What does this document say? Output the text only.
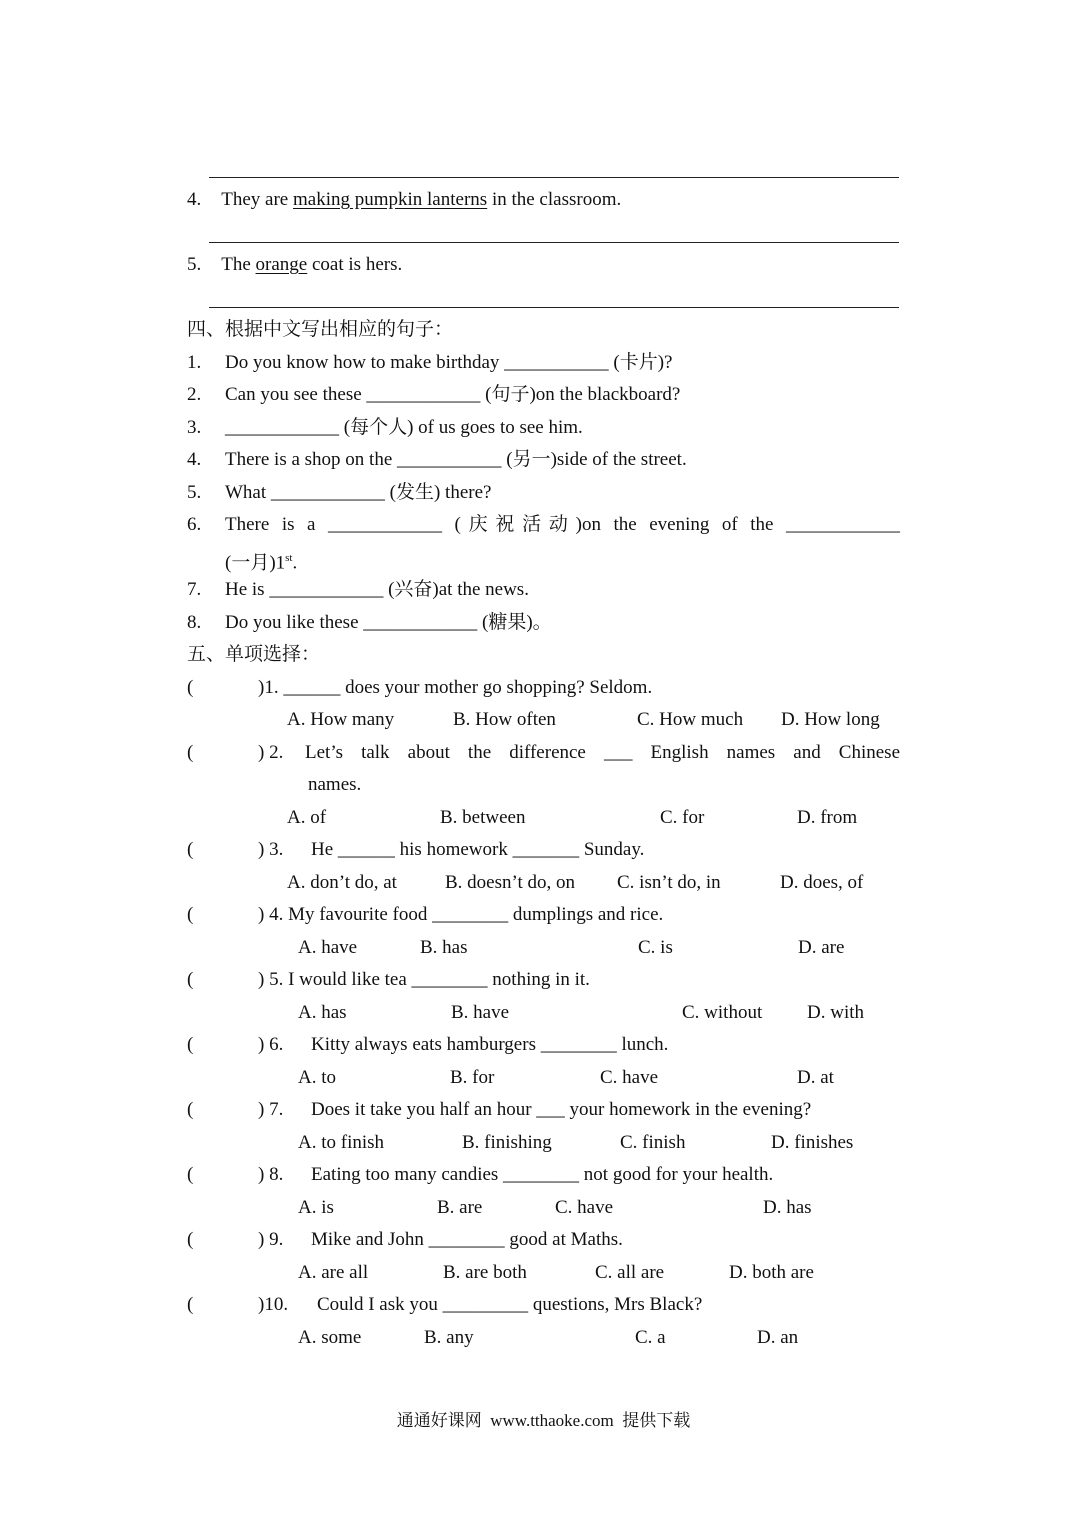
4. They are making pumpkin lanterns in the classroom.
5. The orange coat is hers.
四、根据中文写出相应的句子：
1. Do you know how to make birthday ___________ (卡片)?
2. Can you see these ____________ (句子)on the blackboard?
3. ____________ (每个人) of us goes to see him.
4. There is a shop on the ___________ (另一)side of the street.
5. What ____________ (发生) there?
6. There is a ____________ (庆祝活动)on the evening of the ____________
(一月)1st.
7. He is ____________ (兴奋)at the news.
8. Do you like these ____________ (糖果)。
五、单项选择：
(	)1. ______ does your mother go shopping? Seldom.
A. How many	B. How often	C. How much D. How long
(	) 2. Let’s talk about the difference ___ English names and Chinese
names.
A. of	B. between	C. for	D. from
(	) 3. He ______ his homework _______ Sunday.
A. don’t do, at	B. doesn’t do, on C. isn’t do, in	D. does, of
(	) 4. My favourite food ________ dumplings and rice.
A. have	B. has	C. is	D. are
(	) 5. I would like tea ________ nothing in it.
A. has	B. have	C. without D. with
(	) 6. Kitty always eats hamburgers ________ lunch.
A. to	B. for	C. have	D. at
(	) 7. Does it take you half an hour ___ your homework in the evening?
A. to finish	B. finishing	C. finish	D. finishes
(	) 8. Eating too many candies ________ not good for your health.
A. is	B. are	C. have	D. has
(	) 9. Mike and John ________ good at Maths.
A. are all	B. are both	C. all are	D. both are
(	)10. Could I ask you _________ questions, Mrs Black?
A. some	B. any	C. a	D. an
通通好课网  www.tthaoke.com  提供下载
